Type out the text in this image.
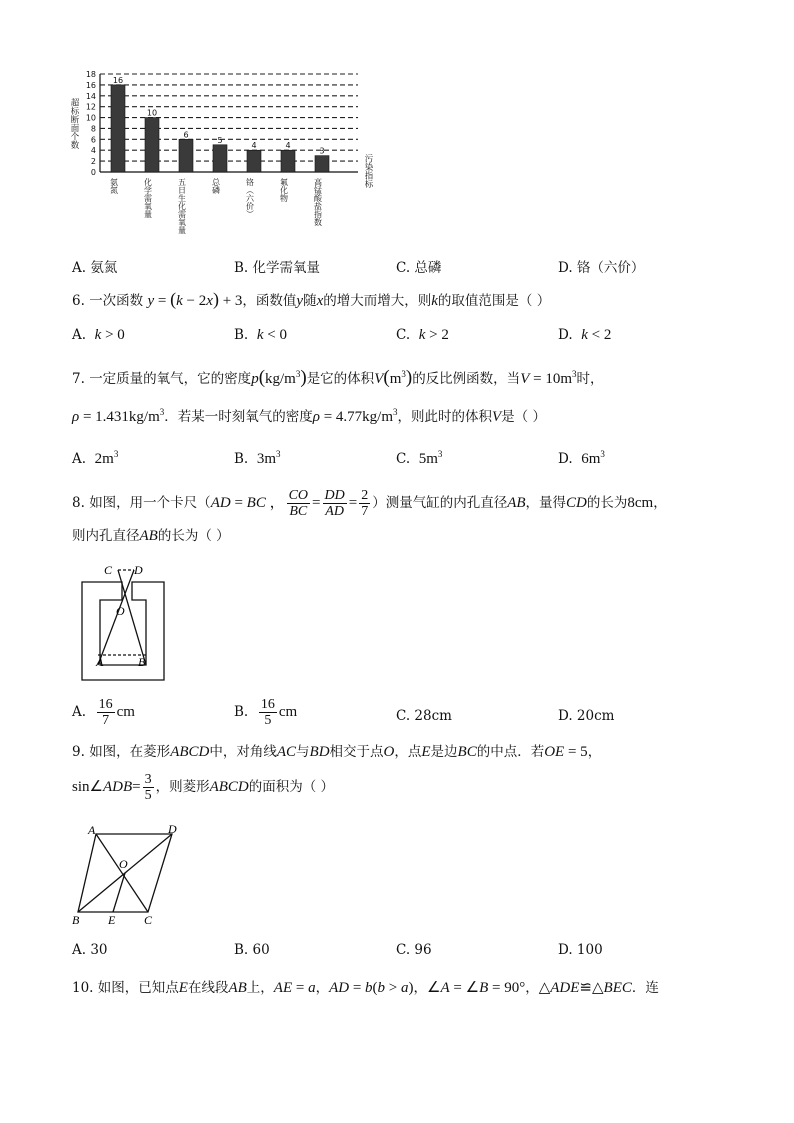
0
2
4
6
8
10
12
14
16
18
超标断面个数
污染指标
16
氨氮
10
化学需氧量
6
五日生化需氧量
5
总磷
4
铬（六价）
4
氟化物
3
高锰酸盐指数
A. 氨氮	B. 化学需氧量	C. 总磷	D. 铬（六价）
6. 一次函数 y = (k − 2x) + 3，函数值y随x的增大而增大，则k的取值范围是（ ）
A. k > 0	B. k < 0	C. k > 2	D. k < 2
7. 一定质量的氧气，它的密度$p(kg/m^3)$是它的体积$V(m^3)$的反比例函数，当$V = 10m^3$时，
$\rho = 1.431kg/m^3$．若某一时刻氧气的密度$\rho = 4.77kg/m^3$，则此时的体积V是（ ）
A. $2m^3$	B. $3m^3$	C. $5m^3$	D. $6m^3$
8. 如图，用一个卡尺（AD = BC ， $\frac{CO}{BC} = \frac{DD}{AD} = \frac{2}{7}$ ）测量气缸的内孔直径AB，量得CD的长为8cm，
则内孔直径AB的长为（ ）
C D
O
A	B
A. $\frac{16}{7}$ cm	B. $\frac{16}{5}$ cm	C. 28cm	D. 20cm
9. 如图，在菱形ABCD中，对角线AC与BD相交于点O，点E是边BC的中点．若OE = 5，
sin∠ADB= $\frac{3}{5}$ ，则菱形ABCD的面积为（ ）
A	D
O
B E C
A. 30	B. 60	C. 96	D. 100
10. 如图，已知点E在线段AB上，AE = a，AD = b(b > a)，∠A = ∠B = 90°，△ADE≌△BEC．连
